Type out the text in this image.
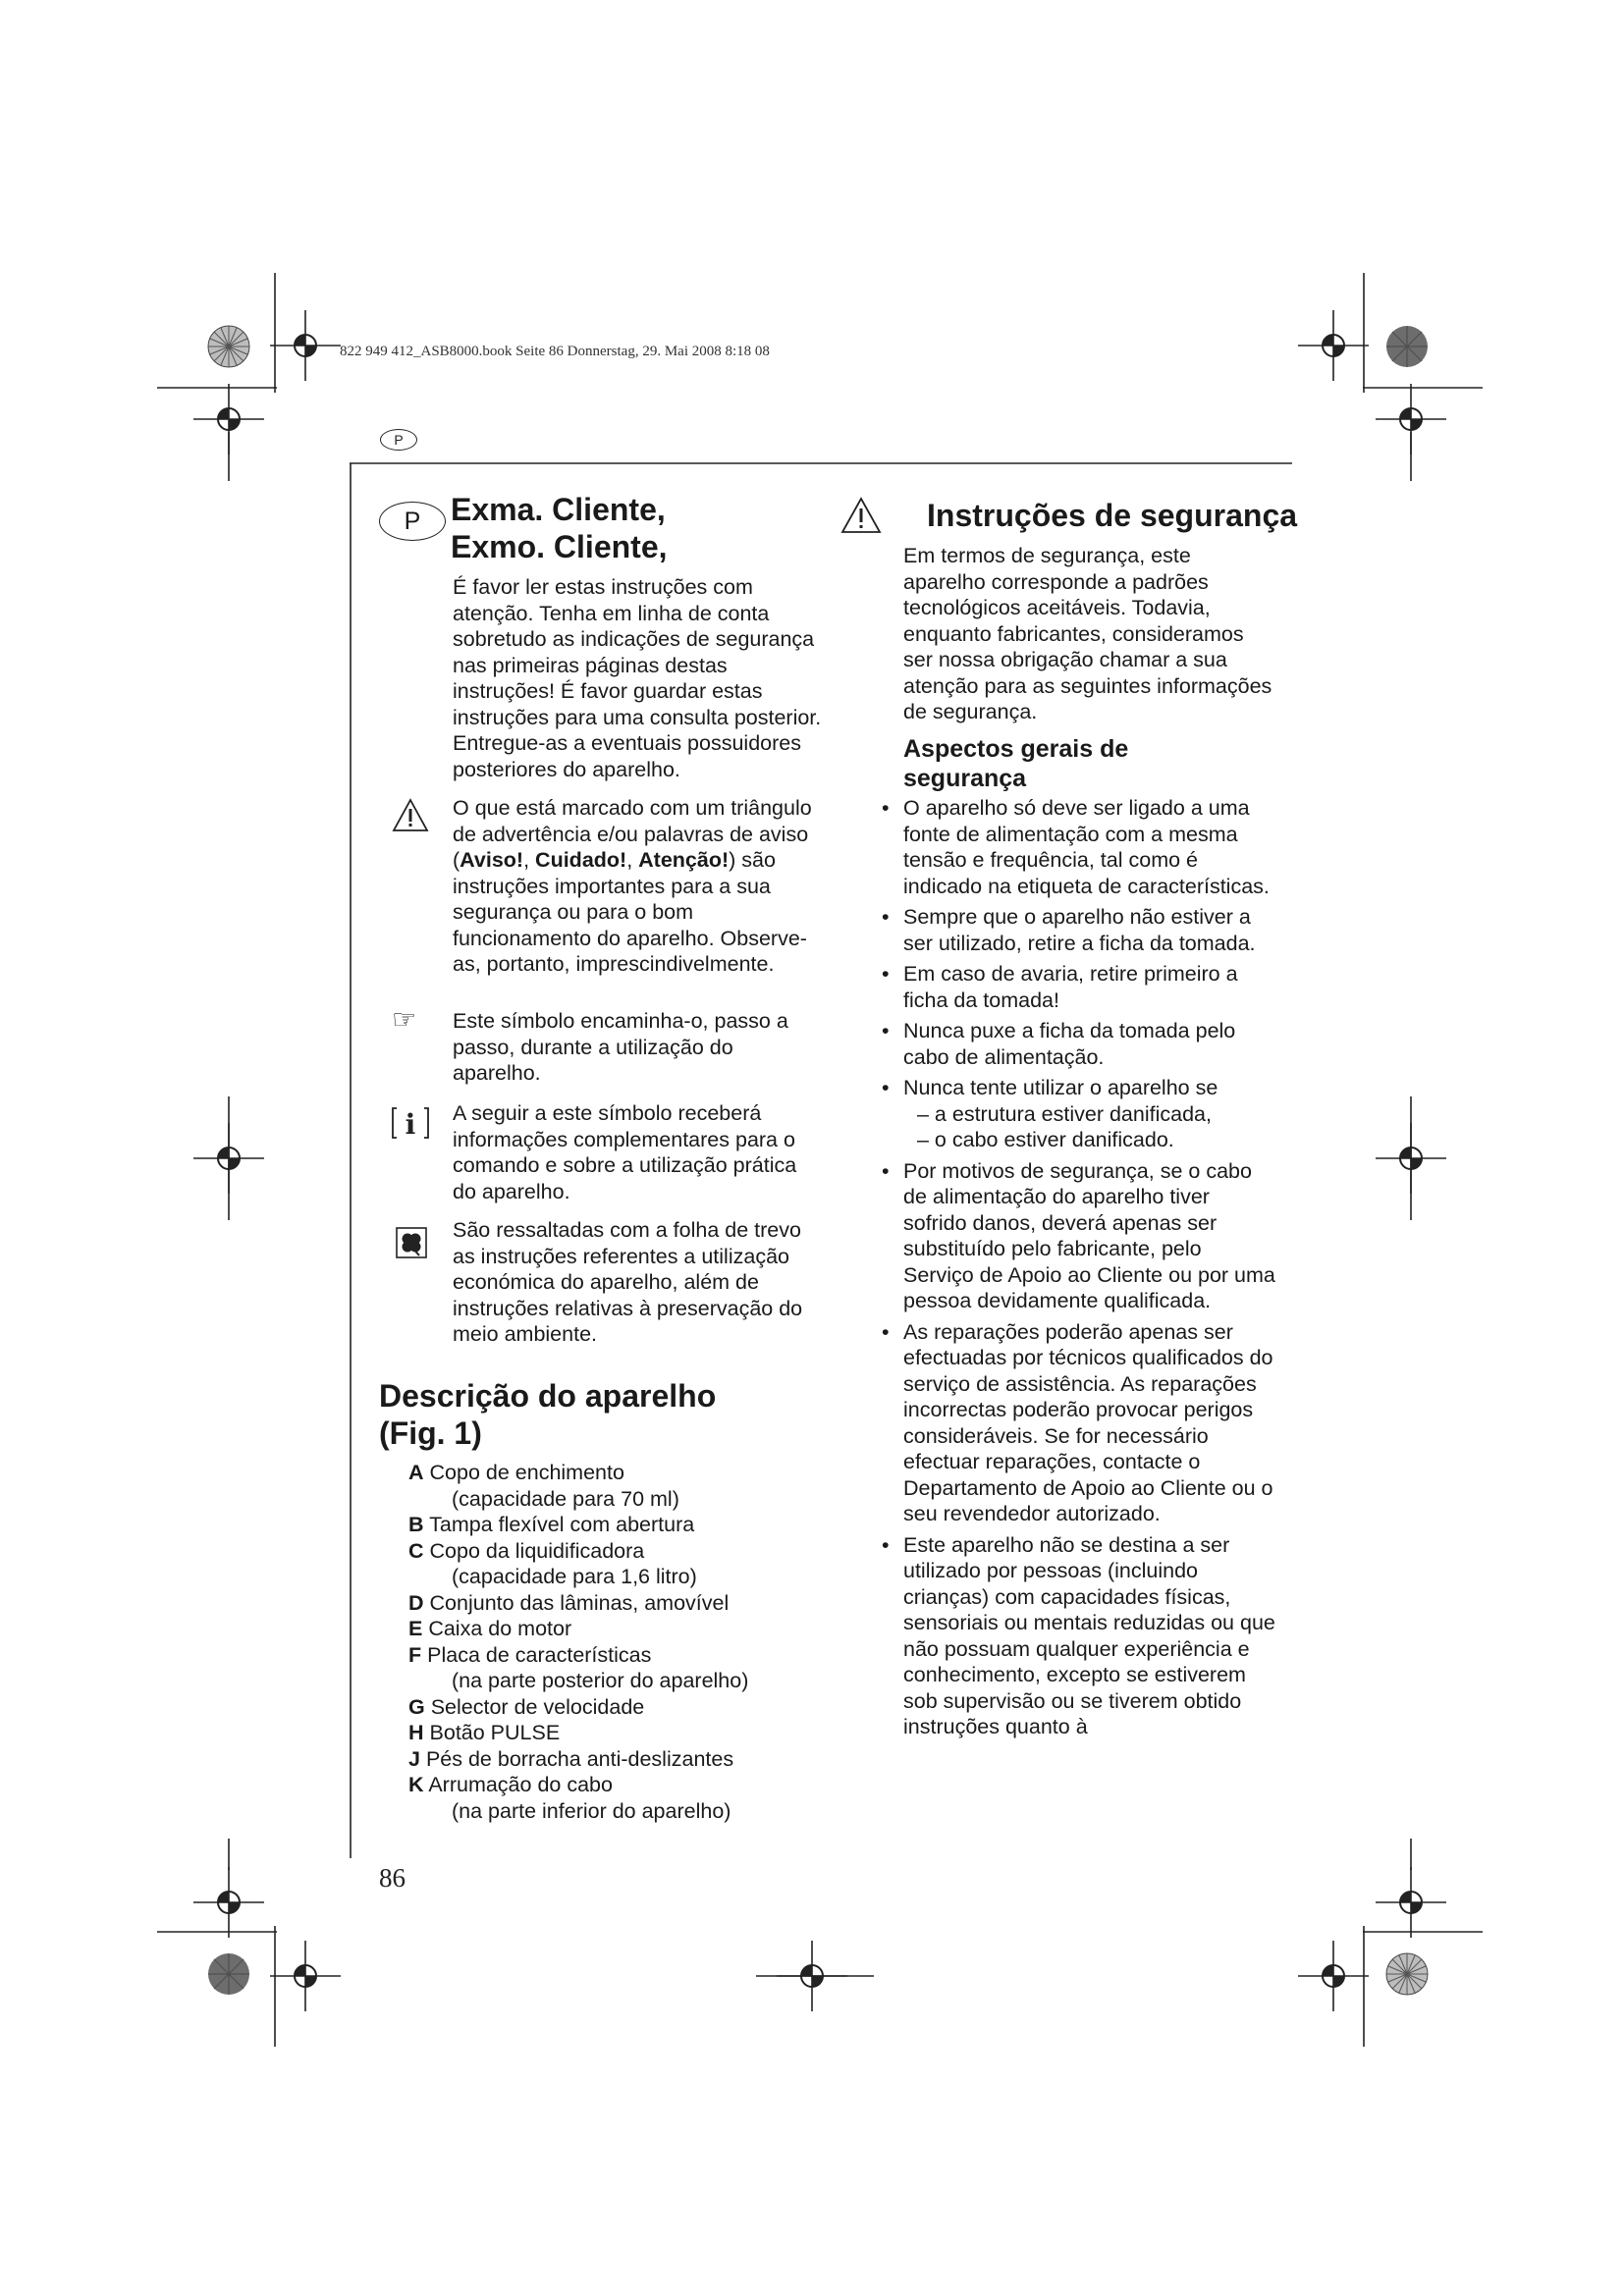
822 949 412_ASB8000.book Seite 86 Donnerstag, 29. Mai 2008 8:18 08
P
P Exma. Cliente,
Exmo. Cliente,
É favor ler estas instruções com atenção. Tenha em linha de conta sobretudo as indicações de segurança nas primeiras páginas destas instruções! É favor guardar estas instruções para uma consulta posterior. Entregue-as a eventuais possuidores posteriores do aparelho.
O que está marcado com um triângulo de advertência e/ou palavras de aviso (Aviso!, Cuidado!, Atenção!) são instruções importantes para a sua segurança ou para o bom funcionamento do aparelho. Observe-as, portanto, imprescindivelmente.
☞ Este símbolo encaminha-o, passo a passo, durante a utilização do aparelho.
i A seguir a este símbolo receberá informações complementares para o comando e sobre a utilização prática do aparelho.
São ressaltadas com a folha de trevo as instruções referentes a utilização económica do aparelho, além de instruções relativas à preservação do meio ambiente.
Descrição do aparelho
(Fig. 1)
A Copo de enchimento
(capacidade para 70 ml)
B Tampa flexível com abertura
C Copo da liquidificadora
(capacidade para 1,6 litro)
D Conjunto das lâminas, amovível
E Caixa do motor
F Placa de características
(na parte posterior do aparelho)
G Selector de velocidade
H Botão PULSE
J Pés de borracha anti-deslizantes
K Arrumação do cabo
(na parte inferior do aparelho)
86
Instruções de segurança
Em termos de segurança, este aparelho corresponde a padrões tecnológicos aceitáveis. Todavia, enquanto fabricantes, consideramos ser nossa obrigação chamar a sua atenção para as seguintes informações de segurança.
Aspectos gerais de
segurança
• O aparelho só deve ser ligado a uma fonte de alimentação com a mesma tensão e frequência, tal como é indicado na etiqueta de características.
• Sempre que o aparelho não estiver a ser utilizado, retire a ficha da tomada.
• Em caso de avaria, retire primeiro a ficha da tomada!
• Nunca puxe a ficha da tomada pelo cabo de alimentação.
• Nunca tente utilizar o aparelho se
– a estrutura estiver danificada,
– o cabo estiver danificado.
• Por motivos de segurança, se o cabo de alimentação do aparelho tiver sofrido danos, deverá apenas ser substituído pelo fabricante, pelo Serviço de Apoio ao Cliente ou por uma pessoa devidamente qualificada.
• As reparações poderão apenas ser efectuadas por técnicos qualificados do serviço de assistência. As reparações incorrectas poderão provocar perigos consideráveis. Se for necessário efectuar reparações, contacte o Departamento de Apoio ao Cliente ou o seu revendedor autorizado.
• Este aparelho não se destina a ser utilizado por pessoas (incluindo crianças) com capacidades físicas, sensoriais ou mentais reduzidas ou que não possuam qualquer experiência e conhecimento, excepto se estiverem sob supervisão ou se tiverem obtido instruções quanto à
